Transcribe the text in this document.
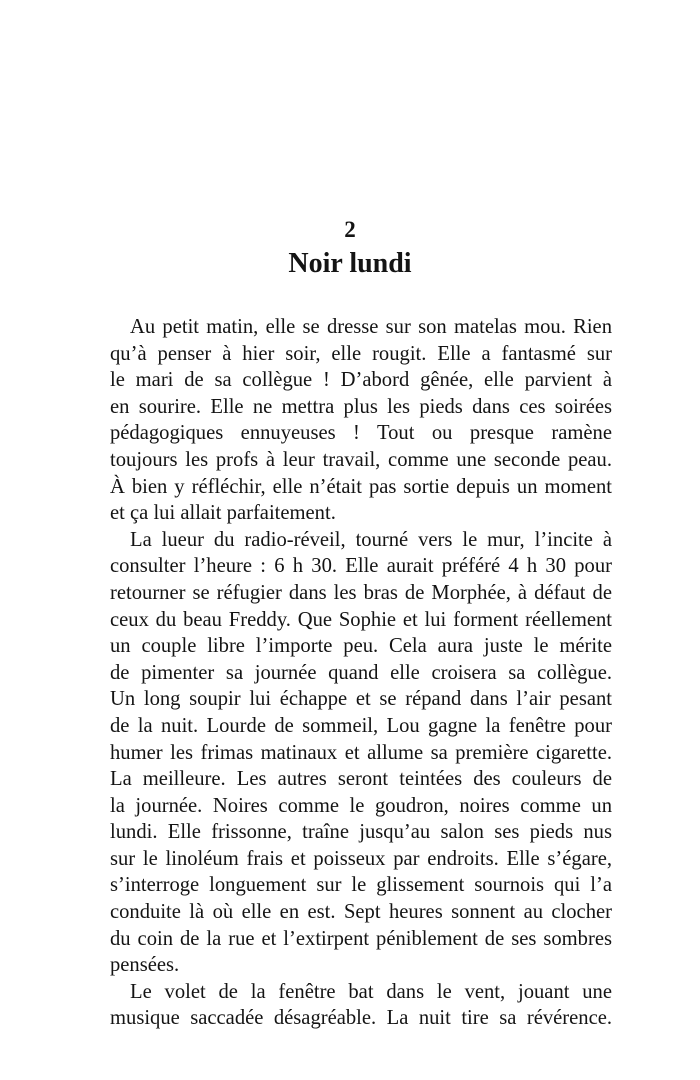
2
Noir lundi
Au petit matin, elle se dresse sur son matelas mou. Rien
qu’à penser à hier soir, elle rougit. Elle a fantasmé sur
le mari de sa collègue ! D’abord gênée, elle parvient à
en sourire. Elle ne mettra plus les pieds dans ces soirées
pédagogiques ennuyeuses ! Tout ou presque ramène
toujours les profs à leur travail, comme une seconde peau.
À bien y réfléchir, elle n’était pas sortie depuis un moment
et ça lui allait parfaitement.
La lueur du radio-réveil, tourné vers le mur, l’incite à
consulter l’heure : 6 h 30. Elle aurait préféré 4 h 30 pour
retourner se réfugier dans les bras de Morphée, à défaut de
ceux du beau Freddy. Que Sophie et lui forment réellement
un couple libre l’importe peu. Cela aura juste le mérite
de pimenter sa journée quand elle croisera sa collègue.
Un long soupir lui échappe et se répand dans l’air pesant
de la nuit. Lourde de sommeil, Lou gagne la fenêtre pour
humer les frimas matinaux et allume sa première cigarette.
La meilleure. Les autres seront teintées des couleurs de
la journée. Noires comme le goudron, noires comme un
lundi. Elle frissonne, traîne jusqu’au salon ses pieds nus
sur le linoléum frais et poisseux par endroits. Elle s’égare,
s’interroge longuement sur le glissement sournois qui l’a
conduite là où elle en est. Sept heures sonnent au clocher
du coin de la rue et l’extirpent péniblement de ses sombres
pensées.
Le volet de la fenêtre bat dans le vent, jouant une
musique saccadée désagréable. La nuit tire sa révérence.
